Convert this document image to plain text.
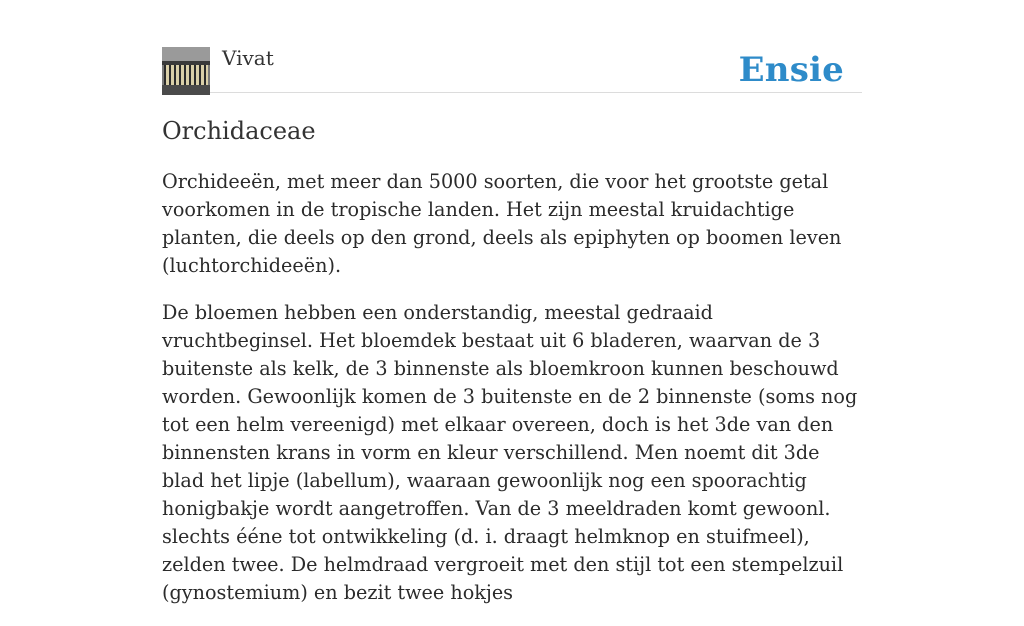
Vivat	Ensie
Orchidaceae

Orchideeën, met meer dan 5000 soorten, die voor het grootste getal voorkomen in de tropische landen. Het zijn meestal kruidachtige planten, die deels op den grond, deels als epiphyten op boomen leven (luchtorchideeën).

De bloemen hebben een onderstandig, meestal gedraaid vruchtbeginsel. Het bloemdek bestaat uit 6 bladeren, waarvan de 3 buitenste als kelk, de 3 binnenste als bloemkroon kunnen beschouwd worden. Gewoonlijk komen de 3 buitenste en de 2 binnenste (soms nog tot een helm vereenigd) met elkaar overeen, doch is het 3de van den binnensten krans in vorm en kleur verschillend. Men noemt dit 3de blad het lipje (labellum), waaraan gewoonlijk nog een spoorachtig honigbakje wordt aangetroffen. Van de 3 meeldraden komt gewoonl. slechts ééne tot ontwikkeling (d. i. draagt helmknop en stuifmeel), zelden twee. De helmdraad vergroeit met den stijl tot een stempelzuil (gynostemium) en bezit twee hokjes
